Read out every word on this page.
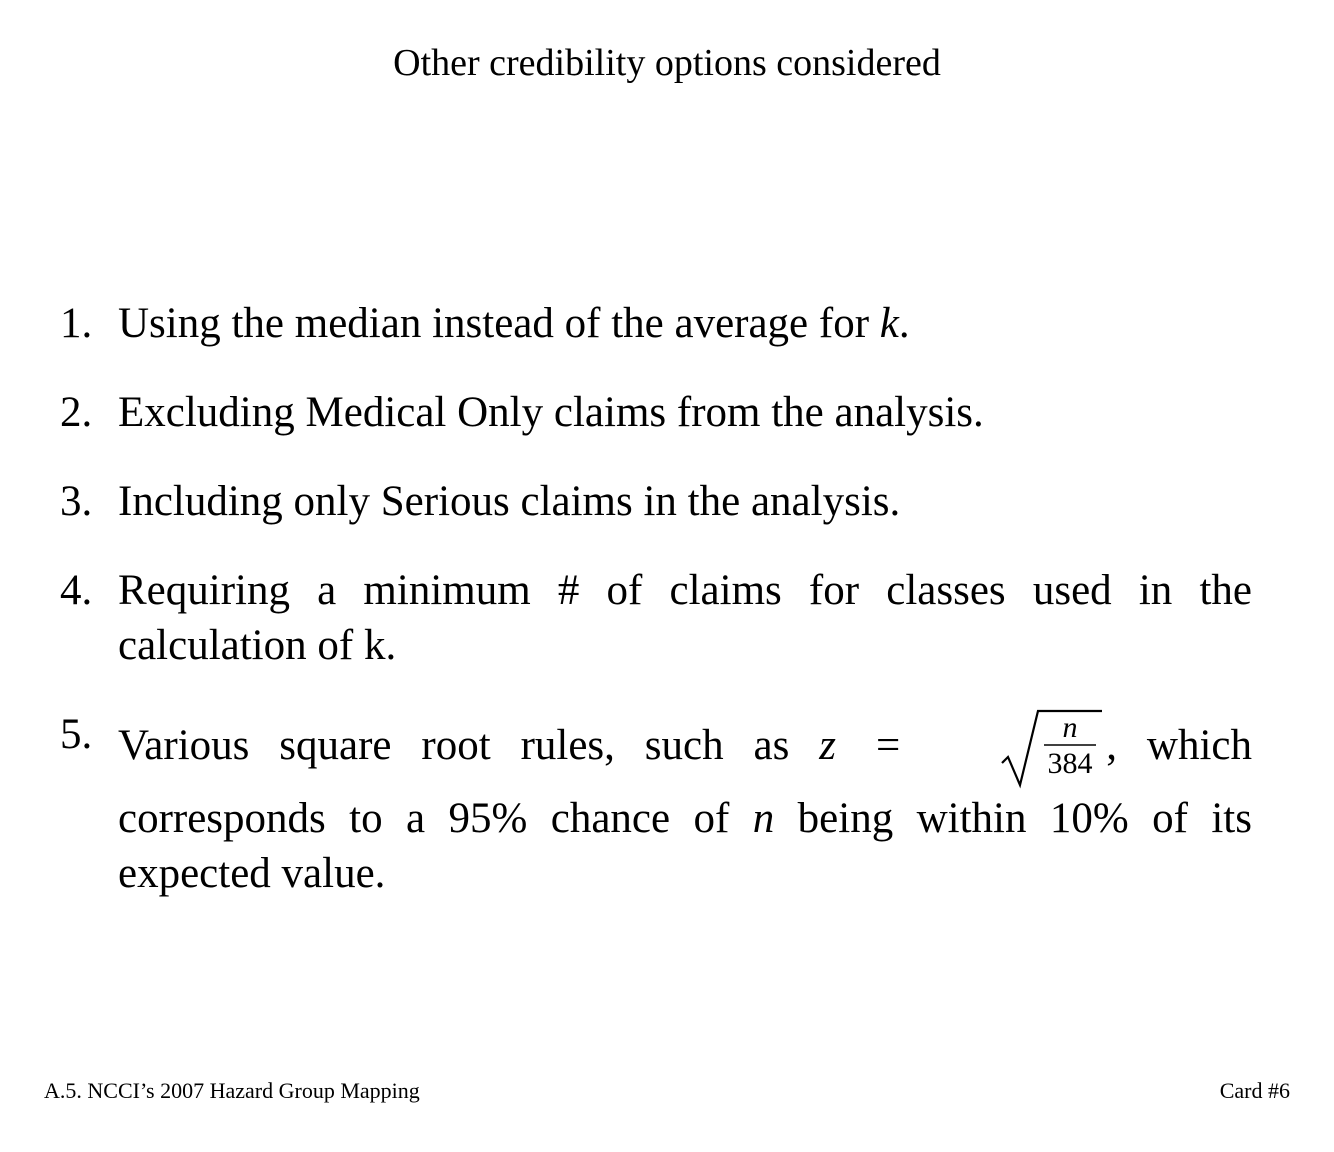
Other credibility options considered
1. Using the median instead of the average for k.
2. Excluding Medical Only claims from the analysis.
3. Including only Serious claims in the analysis.
4. Requiring a minimum # of claims for classes used in the calculation of k.
5. Various square root rules, such as z =	n
384 , which corresponds to a 95% chance of n being within 10% of its expected value.
A.5. NCCI’s 2007 Hazard Group Mapping	Card #6
